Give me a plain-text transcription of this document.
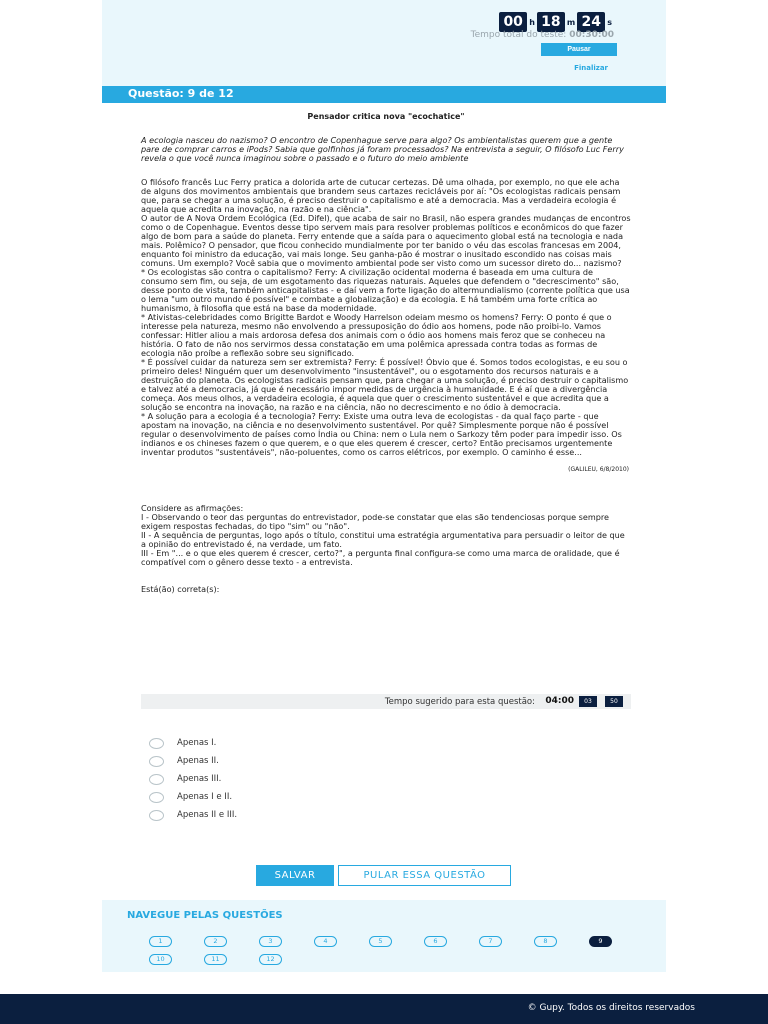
00 h 18 m 24 s
Tempo total do teste: 00:30:00
Pausar
Finalizar
Questão: 9 de 12
Pensador critica nova "ecochatice"
A ecologia nasceu do nazismo? O encontro de Copenhague serve para algo? Os ambientalistas querem que a gente pare de comprar carros e iPods? Sabia que golfinhos já foram processados? Na entrevista a seguir, O filósofo Luc Ferry revela o que você nunca imaginou sobre o passado e o futuro do meio ambiente

O filósofo francês Luc Ferry pratica a dolorida arte de cutucar certezas. Dê uma olhada, por exemplo, no que ele acha de alguns dos movimentos ambientais que brandem seus cartazes recicláveis por aí: "Os ecologistas radicais pensam que, para se chegar a uma solução, é preciso destruir o capitalismo e até a democracia. Mas a verdadeira ecologia é aquela que acredita na inovação, na razão e na ciência".

O autor de A Nova Ordem Ecológica (Ed. Difel), que acaba de sair no Brasil, não espera grandes mudanças de encontros como o de Copenhague. Eventos desse tipo servem mais para resolver problemas políticos e econômicos do que fazer algo de bom para a saúde do planeta. Ferry entende que a saída para o aquecimento global está na tecnologia e nada mais. Polêmico? O pensador, que ficou conhecido mundialmente por ter banido o véu das escolas francesas em 2004, enquanto foi ministro da educação, vai mais longe. Seu ganha-pão é mostrar o inusitado escondido nas coisas mais comuns. Um exemplo? Você sabia que o movimento ambiental pode ser visto como um sucessor direto do... nazismo?

* Os ecologistas são contra o capitalismo? Ferry: A civilização ocidental moderna é baseada em uma cultura de consumo sem fim, ou seja, de um esgotamento das riquezas naturais. Aqueles que defendem o "decrescimento" são, desse ponto de vista, também anticapitalistas - e daí vem a forte ligação do altermundialismo (corrente política que usa o lema "um outro mundo é possível" e combate a globalização) e da ecologia. E há também uma forte crítica ao humanismo, à filosofia que está na base da modernidade.

* Ativistas-celebridades como Brigitte Bardot e Woody Harrelson odeiam mesmo os homens? Ferry: O ponto é que o interesse pela natureza, mesmo não envolvendo a pressuposição do ódio aos homens, pode não proibi-lo. Vamos confessar: Hitler aliou a mais ardorosa defesa dos animais com o ódio aos homens mais feroz que se conheceu na história. O fato de não nos servirmos dessa constatação em uma polêmica apressada contra todas as formas de ecologia não proíbe a reflexão sobre seu significado.

* É possível cuidar da natureza sem ser extremista? Ferry: É possível! Óbvio que é. Somos todos ecologistas, e eu sou o primeiro deles! Ninguém quer um desenvolvimento "insustentável", ou o esgotamento dos recursos naturais e a destruição do planeta. Os ecologistas radicais pensam que, para chegar a uma solução, é preciso destruir o capitalismo e talvez até a democracia, já que é necessário impor medidas de urgência à humanidade. E é aí que a divergência começa. Aos meus olhos, a verdadeira ecologia, é aquela que quer o crescimento sustentável e que acredita que a solução se encontra na inovação, na razão e na ciência, não no decrescimento e no ódio à democracia.

* A solução para a ecologia é a tecnologia? Ferry: Existe uma outra leva de ecologistas - da qual faço parte - que apostam na inovação, na ciência e no desenvolvimento sustentável. Por quê? Simplesmente porque não é possível regular o desenvolvimento de países como Índia ou China: nem o Lula nem o Sarkozy têm poder para impedir isso. Os indianos e os chineses fazem o que querem, e o que eles querem é crescer, certo? Então precisamos urgentemente inventar produtos "sustentáveis", não-poluentes, como os carros elétricos, por exemplo. O caminho é esse...

(GALILEU, 6/8/2010)

Considere as afirmações:

I - Observando o teor das perguntas do entrevistador, pode-se constatar que elas são tendenciosas porque sempre exigem respostas fechadas, do tipo "sim" ou "não".

II - A sequência de perguntas, logo após o título, constitui uma estratégia argumentativa para persuadir o leitor de que a opinião do entrevistado é, na verdade, um fato.

III - Em "... e o que eles querem é crescer, certo?", a pergunta final configura-se como uma marca de oralidade, que é compatível com o gênero desse texto - a entrevista.

Está(ão) correta(s):
Tempo sugerido para esta questão: 04:00	03	50
Apenas I.
Apenas II.
Apenas III.
Apenas I e II.
Apenas II e III.
SALVAR	PULAR ESSA QUESTÃO
NAVEGUE PELAS QUESTÕES
1	2	3	4	5	6	7	8	9
10	11	12
© Gupy. Todos os direitos reservados
